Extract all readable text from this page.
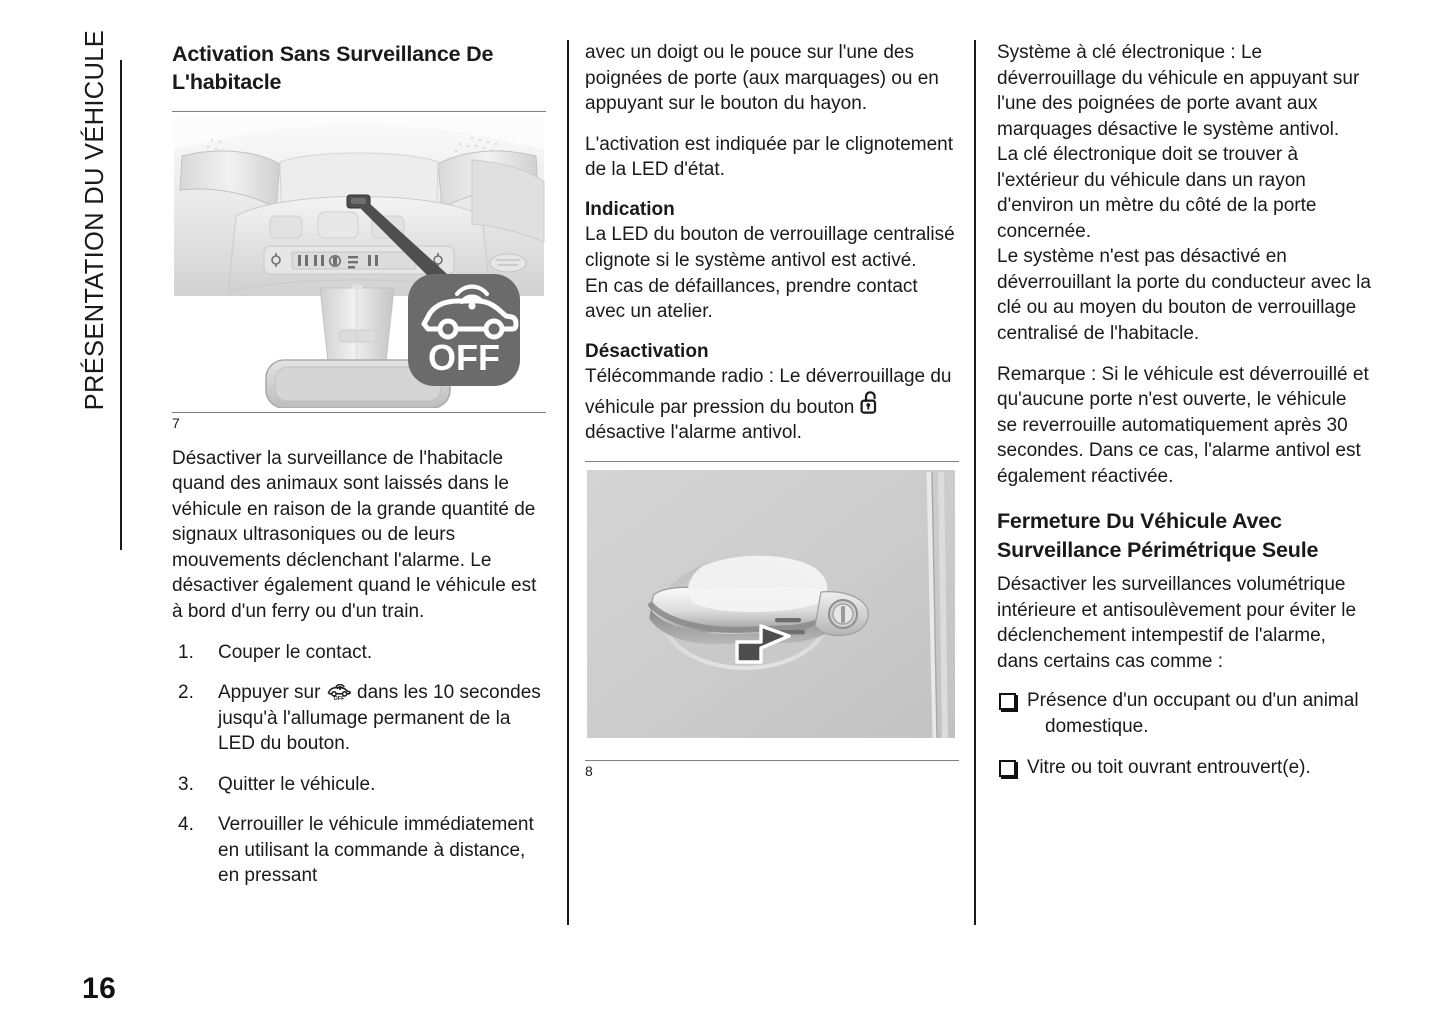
PRÉSENTATION DU VÉHICULE	Activation Sans Surveillance De L'habitacle
OFF
7

Désactiver la surveillance de l'habitacle quand des animaux sont laissés dans le véhicule en raison de la grande quantité de signaux ultrasoniques ou de leurs mouvements déclenchant l'alarme. Le désactiver également quand le véhicule est à bord d'un ferry ou d'un train.

1. Couper le contact.
2. Appuyer sur OFF dans les 10 secondes jusqu'à l'allumage permanent de la LED du bouton.
3. Quitter le véhicule.
4. Verrouiller le véhicule immédiatement en utilisant la commande à distance, en pressant

avec un doigt ou le pouce sur l'une des poignées de porte (aux marquages) ou en appuyant sur le bouton du hayon.

L'activation est indiquée par le clignotement de la LED d'état.

Indication

La LED du bouton de verrouillage centralisé clignote si le système antivol est activé.

En cas de défaillances, prendre contact avec un atelier.

Désactivation

Télécommande radio : Le déverrouillage du véhicule par pression du bouton  désactive l'alarme antivol.

8

Système à clé électronique : Le déverrouillage du véhicule en appuyant sur l'une des poignées de porte avant aux marquages désactive le système antivol.

La clé électronique doit se trouver à l'extérieur du véhicule dans un rayon d'environ un mètre du côté de la porte concernée.

Le système n'est pas désactivé en déverrouillant la porte du conducteur avec la clé ou au moyen du bouton de verrouillage centralisé de l'habitacle.

Remarque : Si le véhicule est déverrouillé et qu'aucune porte n'est ouverte, le véhicule se reverrouille automatiquement après 30 secondes. Dans ce cas, l'alarme antivol est également réactivée.

Fermeture Du Véhicule Avec Surveillance Périmétrique Seule

Désactiver les surveillances volumétrique intérieure et antisoulèvement pour éviter le déclenchement intempestif de l'alarme, dans certains cas comme :

Présence d'un occupant ou d'un animal domestique.
Vitre ou toit ouvrant entrouvert(e).
16
